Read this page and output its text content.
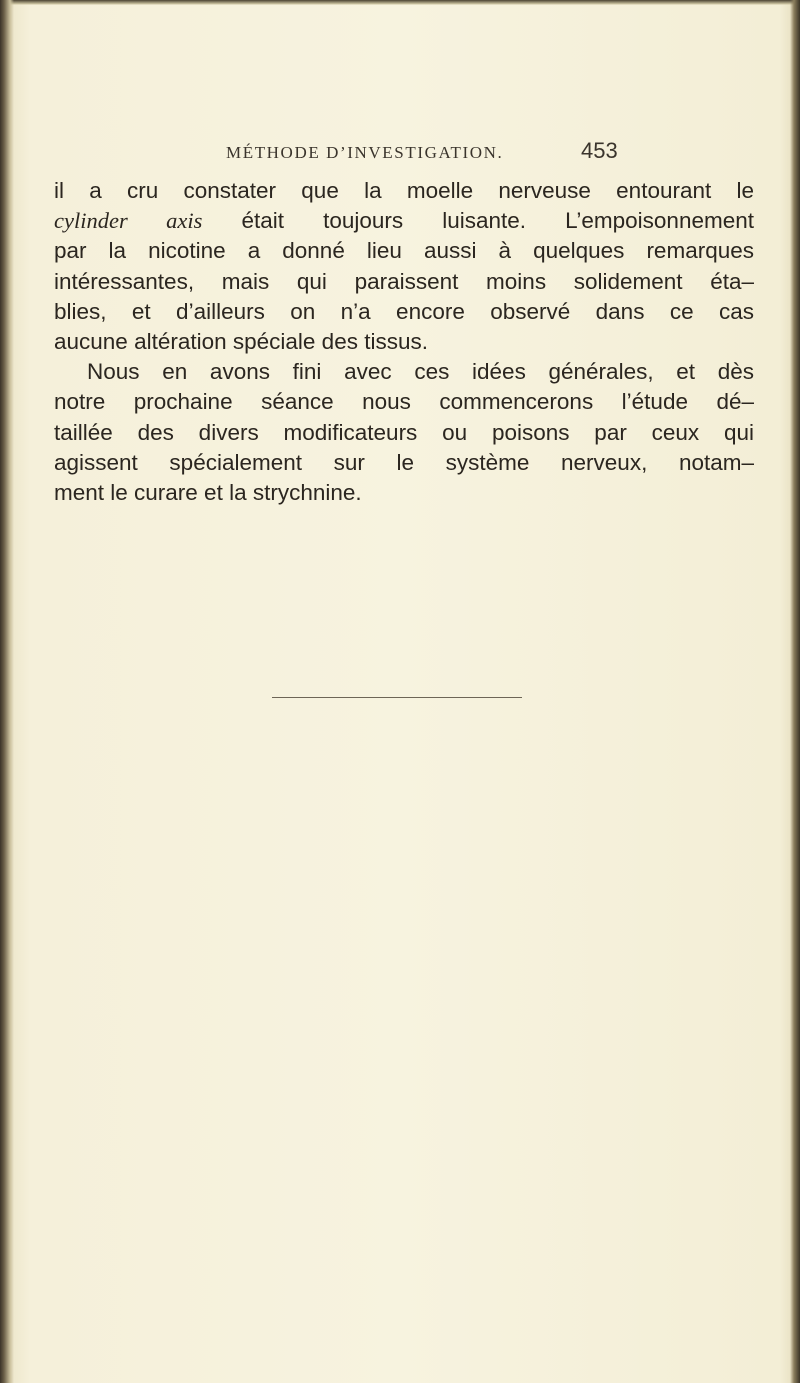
MÉTHODE D’INVESTIGATION.	453
il a cru constater que la moelle nerveuse entourant le
cylinder axis était toujours luisante. L’empoisonnement
par la nicotine a donné lieu aussi à quelques remarques
intéressantes, mais qui paraissent moins solidement éta–
blies, et d’ailleurs on n’a encore observé dans ce cas
aucune altération spéciale des tissus.
Nous en avons fini avec ces idées générales, et dès
notre prochaine séance nous commencerons l’étude dé–
taillée des divers modificateurs ou poisons par ceux qui
agissent spécialement sur le système nerveux, notam–
ment le curare et la strychnine.
